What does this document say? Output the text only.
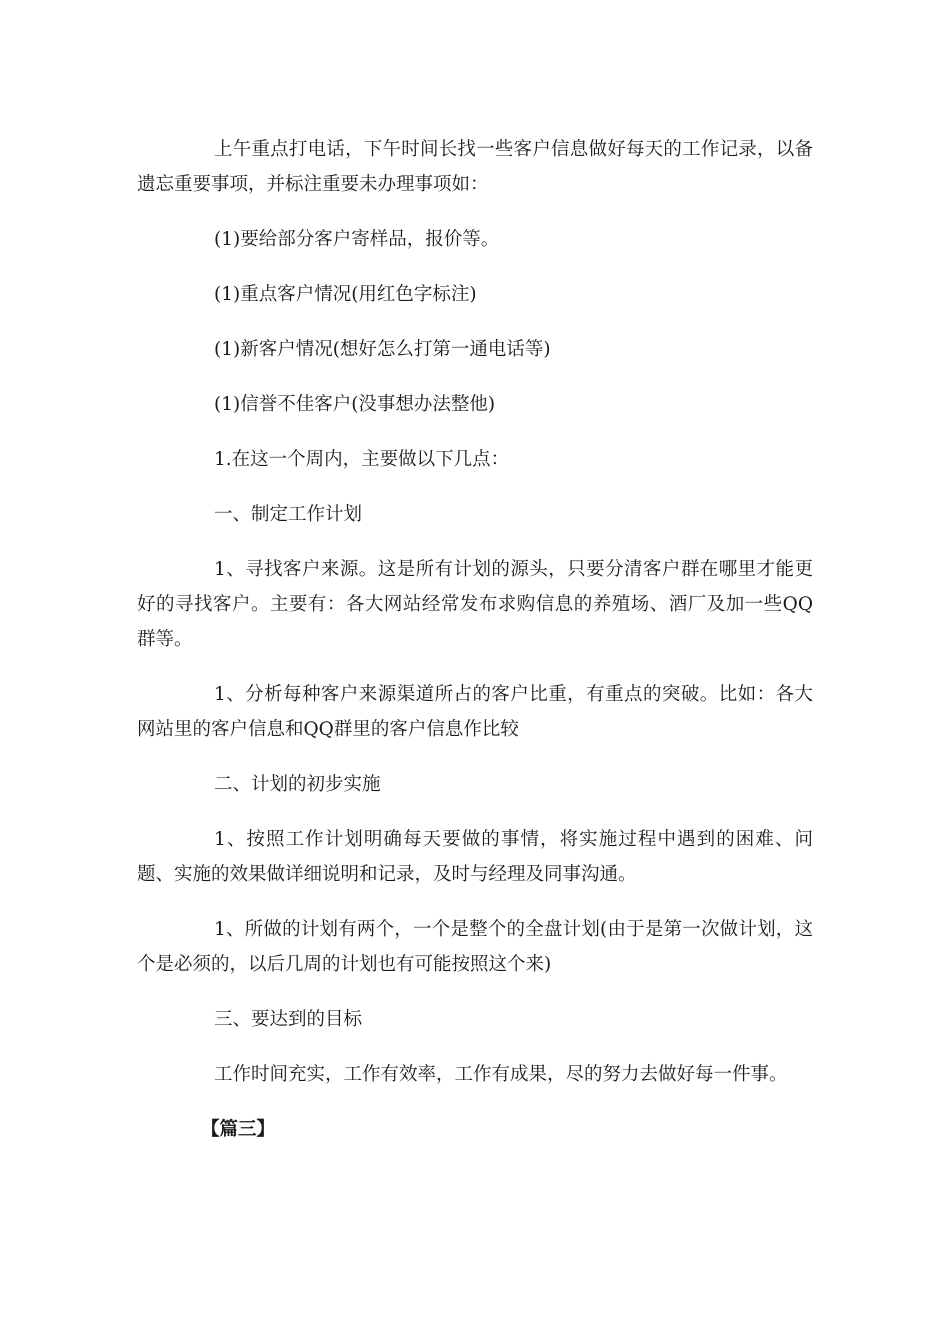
上午重点打电话，下午时间长找一些客户信息做好每天的工作记录，以备遗忘重要事项，并标注重要未办理事项如：

(1)要给部分客户寄样品，报价等。

(1)重点客户情况(用红色字标注)

(1)新客户情况(想好怎么打第一通电话等)

(1)信誉不佳客户(没事想办法整他)

1.在这一个周内，主要做以下几点：

一、制定工作计划

1、寻找客户来源。这是所有计划的源头，只要分清客户群在哪里才能更好的寻找客户。主要有：各大网站经常发布求购信息的养殖场、酒厂及加一些QQ群等。

1、分析每种客户来源渠道所占的客户比重，有重点的突破。比如：各大网站里的客户信息和QQ群里的客户信息作比较

二、计划的初步实施

1、按照工作计划明确每天要做的事情，将实施过程中遇到的困难、问题、实施的效果做详细说明和记录，及时与经理及同事沟通。

1、所做的计划有两个，一个是整个的全盘计划(由于是第一次做计划，这个是必须的，以后几周的计划也有可能按照这个来)

三、要达到的目标

工作时间充实，工作有效率，工作有成果，尽的努力去做好每一件事。

【篇三】
